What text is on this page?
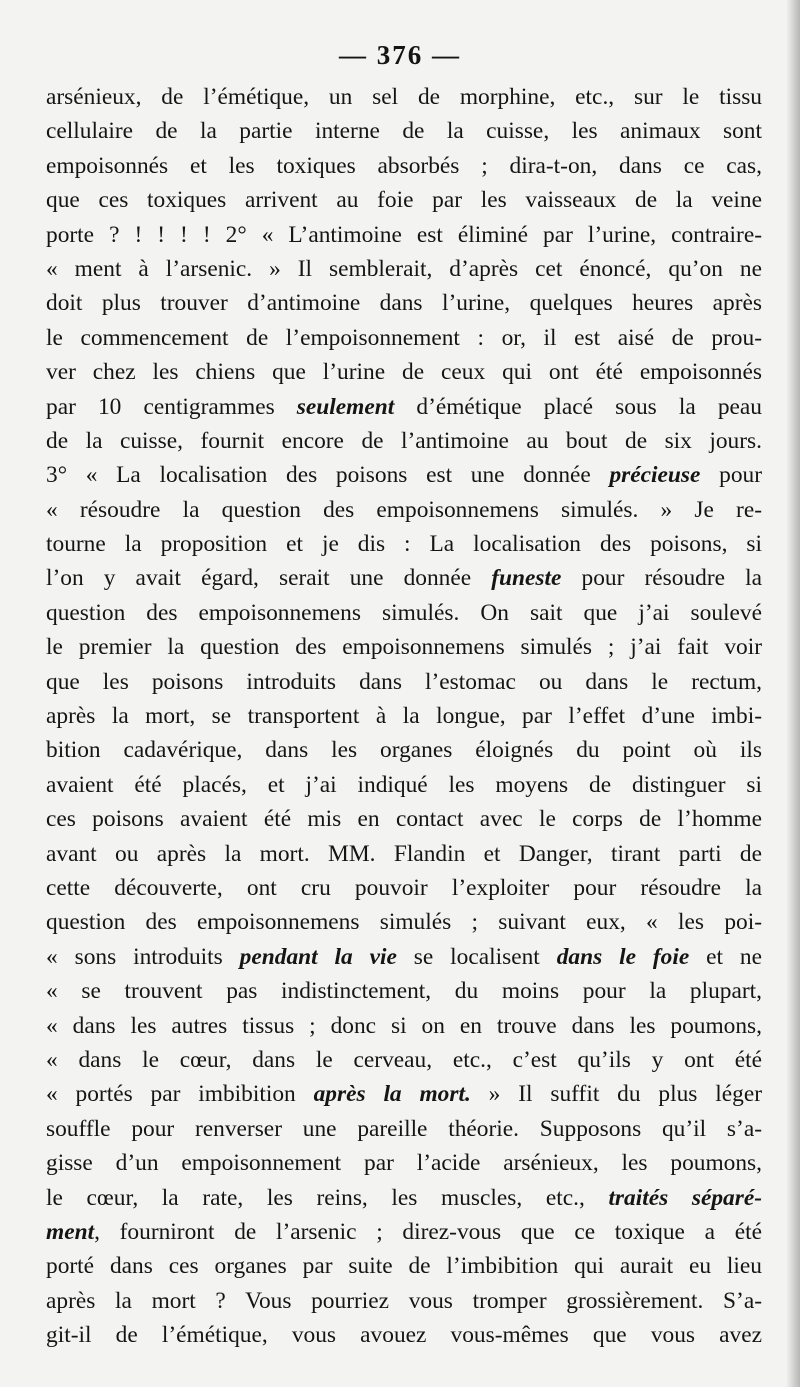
— 376 —
arsénieux, de l’émétique, un sel de morphine, etc., sur le tissu
cellulaire de la partie interne de la cuisse, les animaux sont
empoisonnés et les toxiques absorbés ; dira-t-on, dans ce cas,
que ces toxiques arrivent au foie par les vaisseaux de la veine
porte ? ! ! ! ! 2° « L’antimoine est éliminé par l’urine, contraire-
« ment à l’arsenic. » Il semblerait, d’après cet énoncé, qu’on ne
doit plus trouver d’antimoine dans l’urine, quelques heures après
le commencement de l’empoisonnement : or, il est aisé de prou-
ver chez les chiens que l’urine de ceux qui ont été empoisonnés
par 10 centigrammes seulement d’émétique placé sous la peau
de la cuisse, fournit encore de l’antimoine au bout de six jours.
3° « La localisation des poisons est une donnée précieuse pour
« résoudre la question des empoisonnemens simulés. » Je re-
tourne la proposition et je dis : La localisation des poisons, si
l’on y avait égard, serait une donnée funeste pour résoudre la
question des empoisonnemens simulés. On sait que j’ai soulevé
le premier la question des empoisonnemens simulés ; j’ai fait voir
que les poisons introduits dans l’estomac ou dans le rectum,
après la mort, se transportent à la longue, par l’effet d’une imbi-
bition cadavérique, dans les organes éloignés du point où ils
avaient été placés, et j’ai indiqué les moyens de distinguer si
ces poisons avaient été mis en contact avec le corps de l’homme
avant ou après la mort. MM. Flandin et Danger, tirant parti de
cette découverte, ont cru pouvoir l’exploiter pour résoudre la
question des empoisonnemens simulés ; suivant eux, « les poi-
« sons introduits pendant la vie se localisent dans le foie et ne
« se trouvent pas indistinctement, du moins pour la plupart,
« dans les autres tissus ; donc si on en trouve dans les poumons,
« dans le cœur, dans le cerveau, etc., c’est qu’ils y ont été
« portés par imbibition après la mort. » Il suffit du plus léger
souffle pour renverser une pareille théorie. Supposons qu’il s’a-
gisse d’un empoisonnement par l’acide arsénieux, les poumons,
le cœur, la rate, les reins, les muscles, etc., traités séparé-
ment, fourniront de l’arsenic ; direz-vous que ce toxique a été
porté dans ces organes par suite de l’imbibition qui aurait eu lieu
après la mort ? Vous pourriez vous tromper grossièrement. S’a-
git-il de l’émétique, vous avouez vous-mêmes que vous avez
